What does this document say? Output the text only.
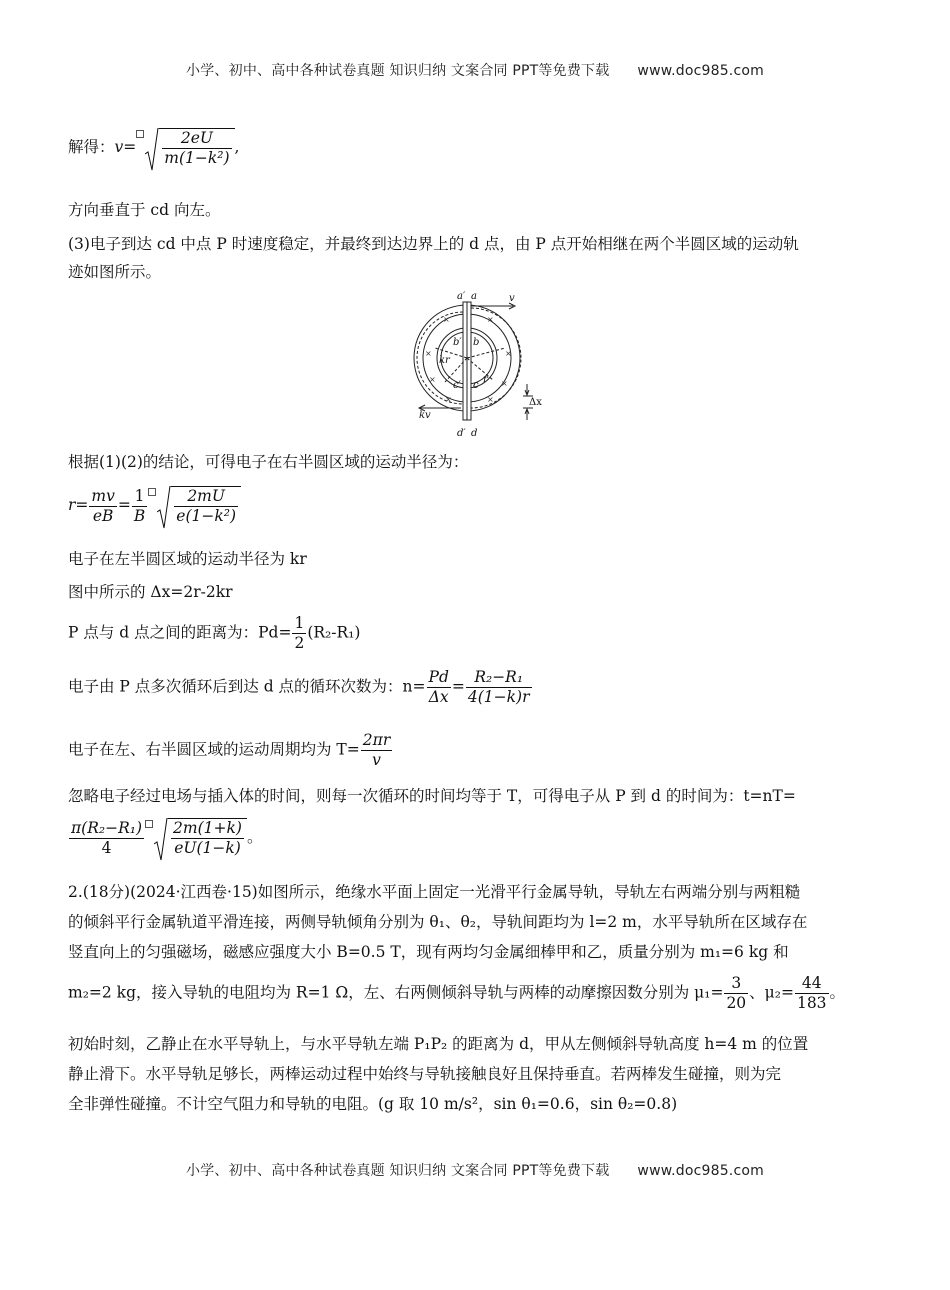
小学、初中、高中各种试卷真题 知识归纳 文案合同 PPT等免费下载 www.doc985.com
解得：$v= \frac{2eU}{\text{m(1−k²)}}$ ,
方向垂直于 cd 向左。
(3)电子到达 cd 中点 P 时速度稳定，并最终到达边界上的 d 点，由 P 点开始相继在两个半圆区域的运动轨
迹如图所示。
a′ a	v
b′ b
kr
r
c′ c
kv
Δx
d′ d
×	×
×	×
×	×
×	×
根据(1)(2)的结论，可得电子在右半圆区域的运动半径为：
$r= \frac{mv}{eB} = \frac{1}{B} \frac{2mU}{\text{e(1−k²)}}$
电子在左半圆区域的运动半径为 kr
图中所示的 Δx=2r-2kr
P 点与 d 点之间的距离为：$Pd= \frac{1}{2} (R_2-R_1)$
电子由 P 点多次循环后到达 d 点的循环次数为：$n= \frac{Pd}{\Delta x} = \frac{\text{R₂−R₁}}{4(1-k)r}$
电子在左、右半圆区域的运动周期均为 $T= \frac{2\pi r}{v}$
忽略电子经过电场与插入体的时间，则每一次循环的时间均等于 T，可得电子从 P 到 d 的时间为：t=nT=
$\frac{\text{π(R₂−R₁)}}{4} \frac{2m(1+k)}{eU(1-k)}$ 。
2.(18分)(2024·江西卷·15)如图所示，绝缘水平面上固定一光滑平行金属导轨，导轨左右两端分别与两粗糙
的倾斜平行金属轨道平滑连接，两侧导轨倾角分别为 θ₁、θ₂，导轨间距均为 l=2 m，水平导轨所在区域存在
竖直向上的匀强磁场，磁感应强度大小 B=0.5 T，现有两均匀金属细棒甲和乙，质量分别为 m₁=6 kg 和
m₂=2 kg，接入导轨的电阻均为 R=1 Ω，左、右两侧倾斜导轨与两棒的动摩擦因数分别为 $\mu_1= \frac{3}{20}$ 、$\mu_2= \frac{44}{183}$ 。
初始时刻，乙静止在水平导轨上，与水平导轨左端 P₁P₂ 的距离为 d，甲从左侧倾斜导轨高度 h=4 m 的位置
静止滑下。水平导轨足够长，两棒运动过程中始终与导轨接触良好且保持垂直。若两棒发生碰撞，则为完
全非弹性碰撞。不计空气阻力和导轨的电阻。(g 取 10 m/s²，sin θ₁=0.6，sin θ₂=0.8)
小学、初中、高中各种试卷真题 知识归纳 文案合同 PPT等免费下载 www.doc985.com
